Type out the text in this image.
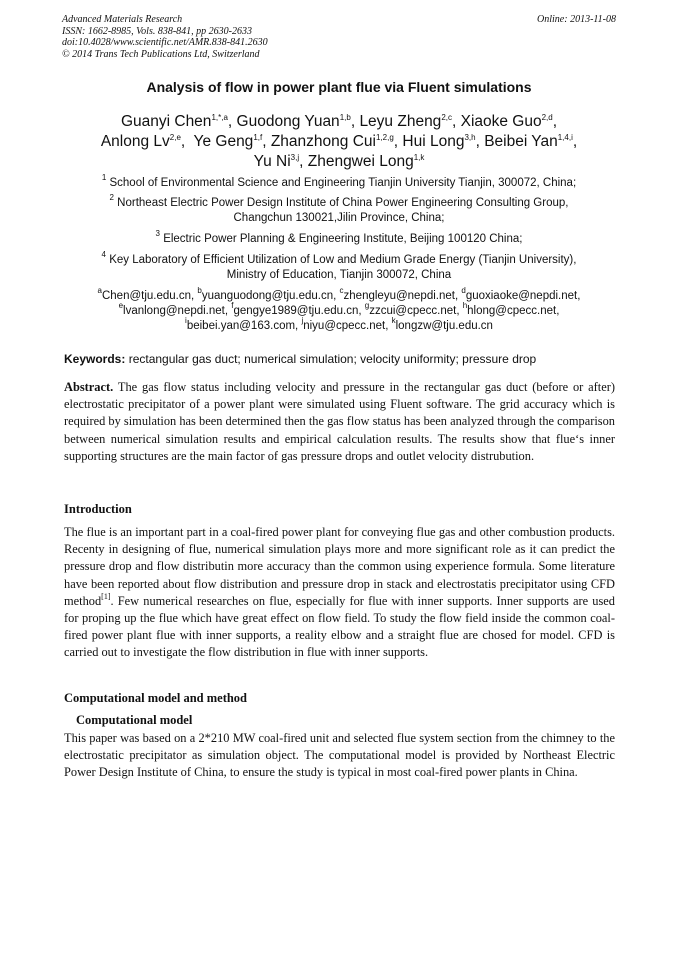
Advanced Materials Research
ISSN: 1662-8985, Vols. 838-841, pp 2630-2633
doi:10.4028/www.scientific.net/AMR.838-841.2630
© 2014 Trans Tech Publications Ltd, Switzerland
Online: 2013-11-08
Analysis of flow in power plant flue via Fluent simulations
Guanyi Chen$^{1,*,a}$, Guodong Yuan$^{1,b}$, Leyu Zheng$^{2,c}$, Xiaoke Guo$^{2,d}$,
Anlong Lv$^{2,e}$,  Ye Geng$^{1,f}$, Zhanzhong Cui$^{1,2,g}$, Hui Long$^{3,h}$, Beibei Yan$^{1,4,i}$,
Yu Ni$^{3,j}$, Zhengwei Long$^{1,k}$
$^1$ School of Environmental Science and Engineering Tianjin University Tianjin, 300072, China;
$^2$ Northeast Electric Power Design Institute of China Power Engineering Consulting Group,
Changchun 130021,Jilin Province, China;
$^3$ Electric Power Planning & Engineering Institute, Beijing 100120 China;
$^4$ Key Laboratory of Efficient Utilization of Low and Medium Grade Energy (Tianjin University),
Ministry of Education, Tianjin 300072, China
$^a$Chen@tju.edu.cn, $^b$yuanguodong@tju.edu.cn, $^c$zhengleyu@nepdi.net, $^d$guoxiaoke@nepdi.net,
$^e$lvanlong@nepdi.net, $^f$gengye1989@tju.edu.cn, $^g$zzcui@cpecc.net, $^h$hlong@cpecc.net,
$^i$beibei.yan@163.com, $^j$niyu@cpecc.net, $^k$longzw@tju.edu.cn
Keywords: rectangular gas duct; numerical simulation; velocity uniformity; pressure drop
Abstract. The gas flow status including velocity and pressure in the rectangular gas duct (before or after) electrostatic precipitator of a power plant were simulated using Fluent software. The grid accuracy which is required by simulation has been determined then the gas flow status has been analyzed through the comparison between numerical simulation results and empirical calculation results. The results show that flue‘s inner supporting structures are the main factor of gas pressure drops and outlet velocity distrubution.
Introduction
The flue is an important part in a coal-fired power plant for conveying flue gas and other combustion products. Recenty in designing of flue, numerical simulation plays more and more significant role as it can predict the pressure drop and flow distributin more accuracy than the common using experience formula. Some literature have been reported about flow distribution and pressure drop in stack and electrostatis precipitator using CFD method[1]. Few numerical researches on flue, especially for flue with inner supports. Inner supports are used for proping up the flue which have great effect on flow field. To study the flow field inside the common coal-fired power plant flue with inner supports, a reality elbow and a straight flue are chosed for model. CFD is carried out to investigate the flow distribution in flue with inner supports.
Computational model and method
Computational model
This paper was based on a 2*210 MW coal-fired unit and selected flue system section from the chimney to the electrostatic precipitator as simulation object. The computational model is provided by Northeast Electric Power Design Institute of China, to ensure the study is typical in most coal-fired power plants in China.
